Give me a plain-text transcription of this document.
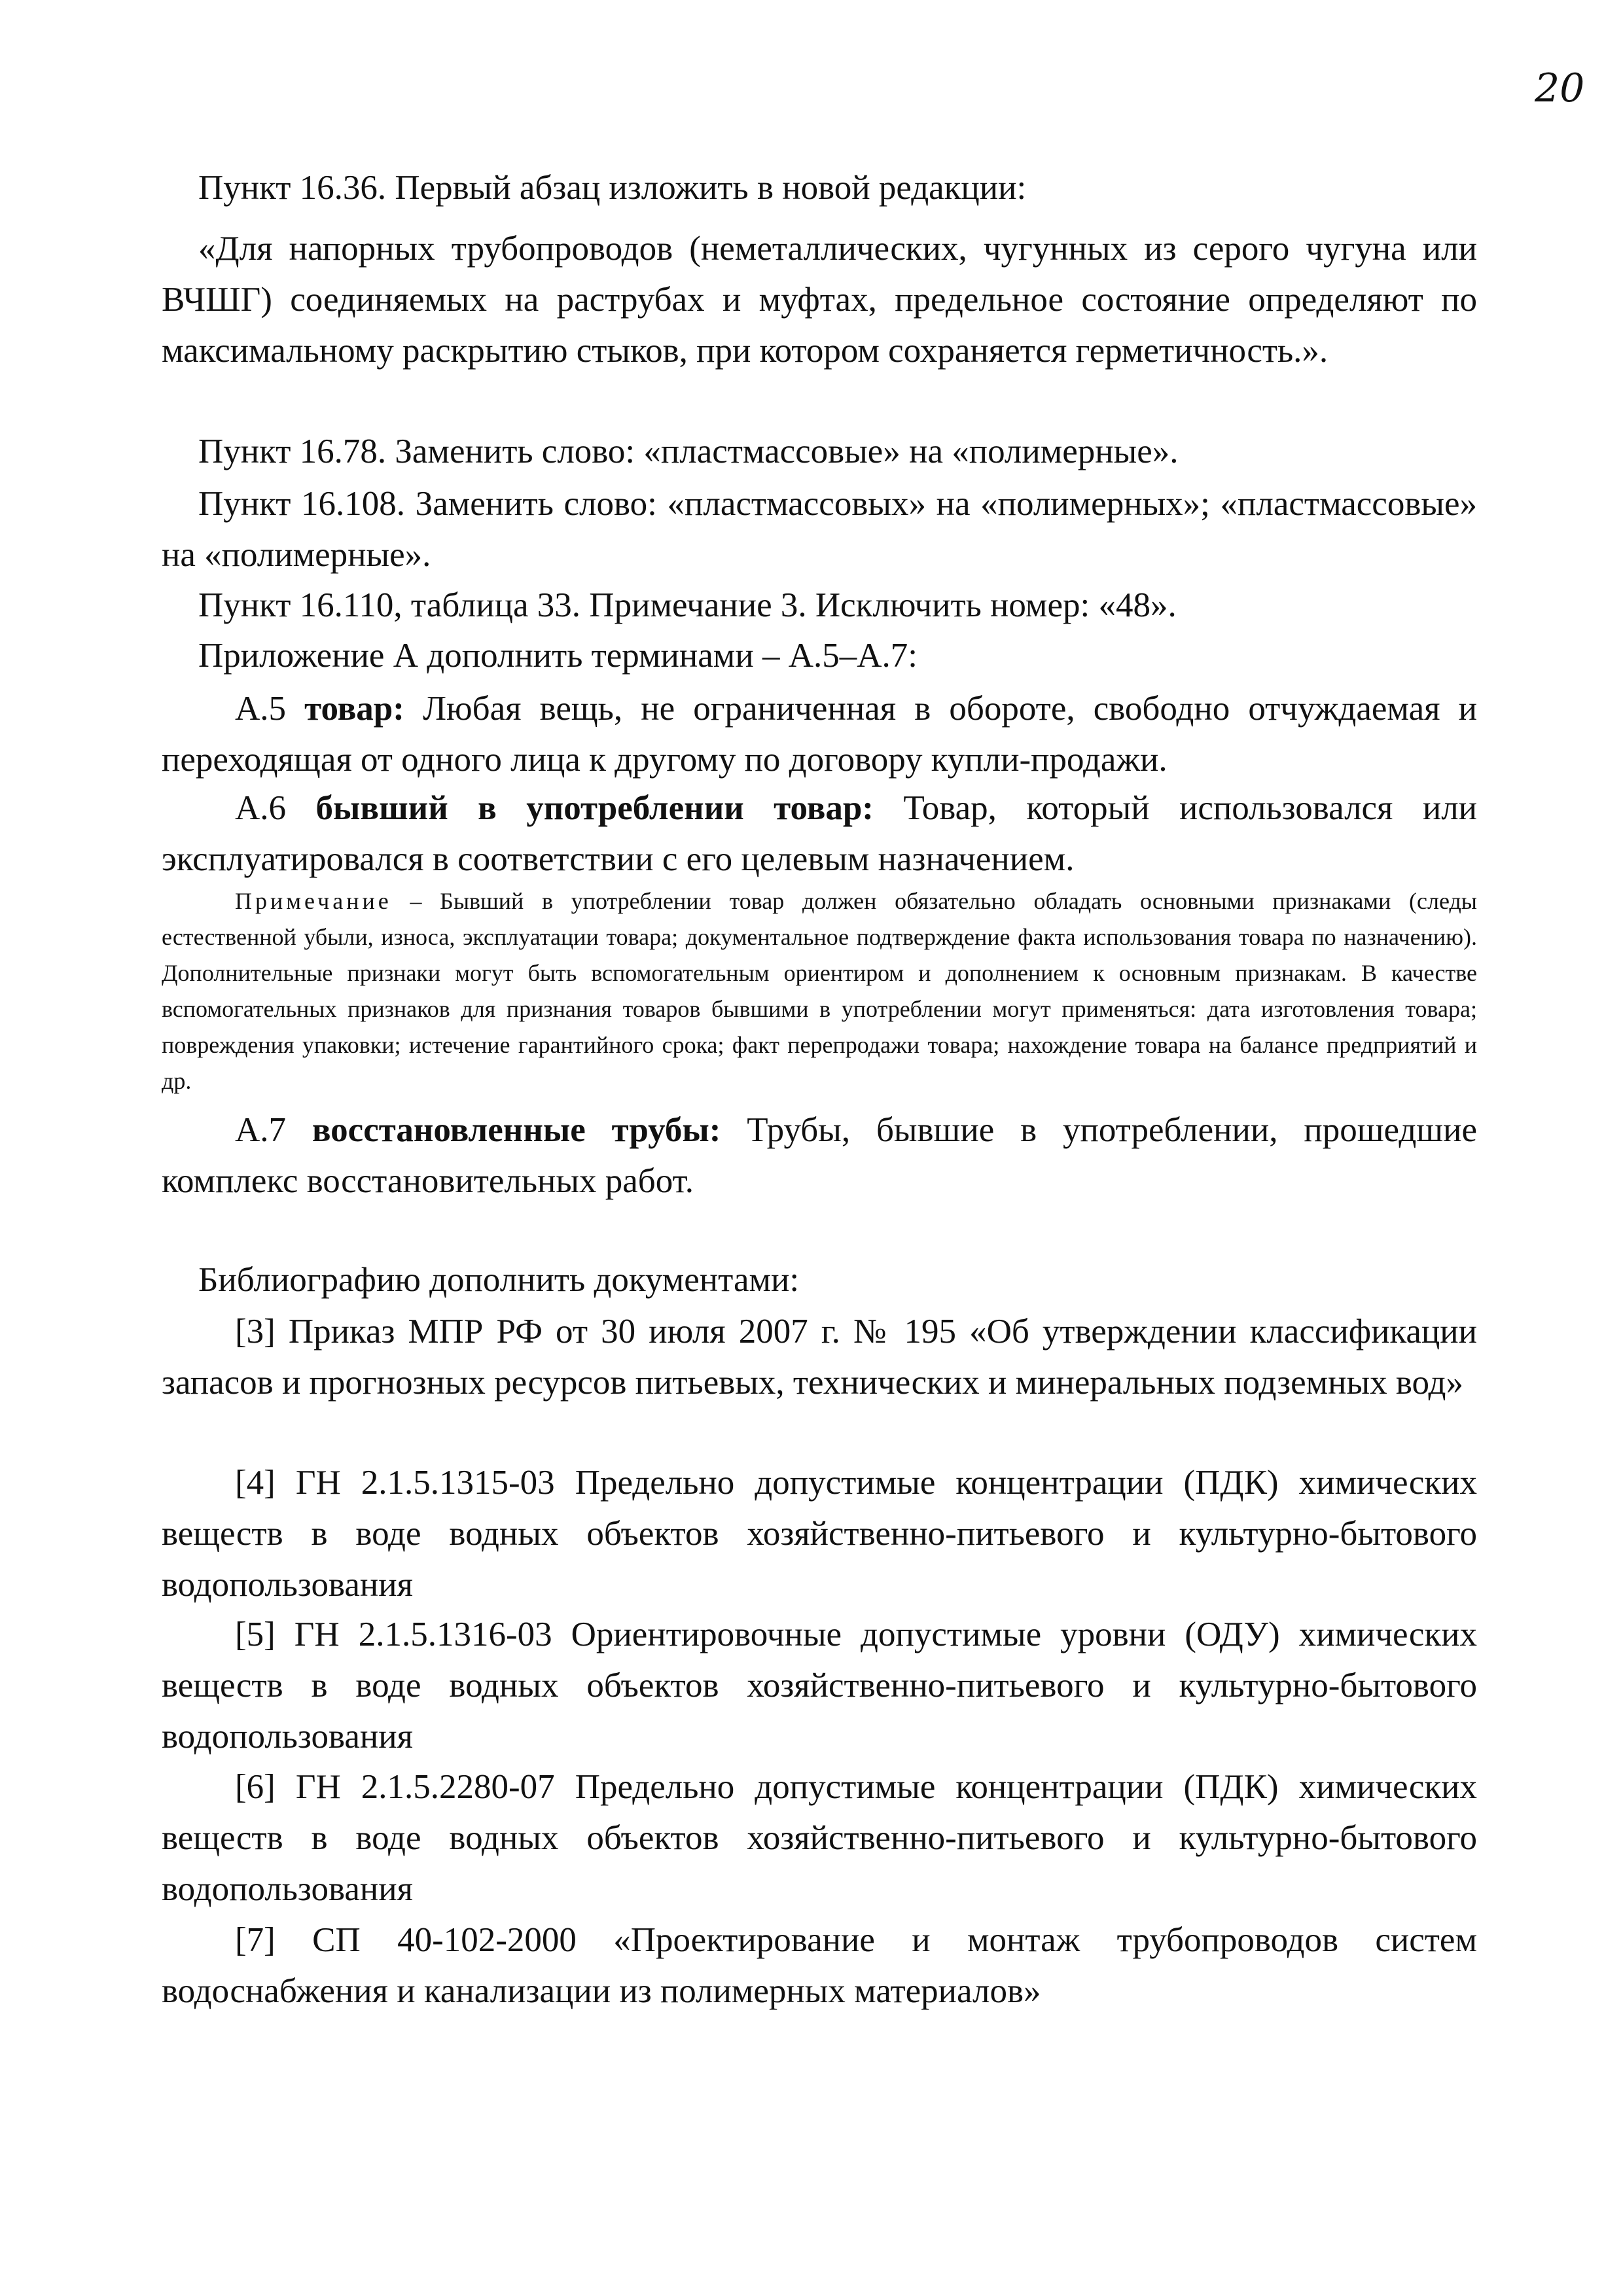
20

Пункт 16.36. Первый абзац изложить в новой редакции:

«Для напорных трубопроводов (неметаллических, чугунных из серого чугуна или ВЧШГ) соединяемых на раструбах и муфтах, предельное состояние определяют по максимальному раскрытию стыков, при котором сохраняется герметичность.».

Пункт 16.78. Заменить слово: «пластмассовые» на «полимерные».

Пункт 16.108. Заменить слово: «пластмассовых» на «полимерных»; «пластмассовые» на «полимерные».

Пункт 16.110, таблица 33. Примечание 3. Исключить номер: «48».

Приложение А дополнить терминами – А.5–А.7:

А.5 товар: Любая вещь, не ограниченная в обороте, свободно отчуждаемая и переходящая от одного лица к другому по договору купли-продажи.

А.6 бывший в употреблении товар: Товар, который использовался или эксплуатировался в соответствии с его целевым назначением.

Примечание – Бывший в употреблении товар должен обязательно обладать основными признаками (следы естественной убыли, износа, эксплуатации товара; документальное подтверждение факта использования товара по назначению). Дополнительные признаки могут быть вспомогательным ориентиром и дополнением к основным признакам. В качестве вспомогательных признаков для признания товаров бывшими в употреблении могут применяться: дата изготовления товара; повреждения упаковки; истечение гарантийного срока; факт перепродажи товара; нахождение товара на балансе предприятий и др.

А.7 восстановленные трубы: Трубы, бывшие в употреблении, прошедшие комплекс восстановительных работ.

Библиографию дополнить документами:

[3] Приказ МПР РФ от 30 июля 2007 г. № 195 «Об утверждении классификации запасов и прогнозных ресурсов питьевых, технических и минеральных подземных вод»

[4] ГН 2.1.5.1315-03 Предельно допустимые концентрации (ПДК) химических веществ в воде водных объектов хозяйственно-питьевого и культурно-бытового водопользования

[5] ГН 2.1.5.1316-03 Ориентировочные допустимые уровни (ОДУ) химических веществ в воде водных объектов хозяйственно-питьевого и культурно-бытового водопользования

[6] ГН 2.1.5.2280-07 Предельно допустимые концентрации (ПДК) химических веществ в воде водных объектов хозяйственно-питьевого и культурно-бытового водопользования

[7] СП 40-102-2000 «Проектирование и монтаж трубопроводов систем водоснабжения и канализации из полимерных материалов»
